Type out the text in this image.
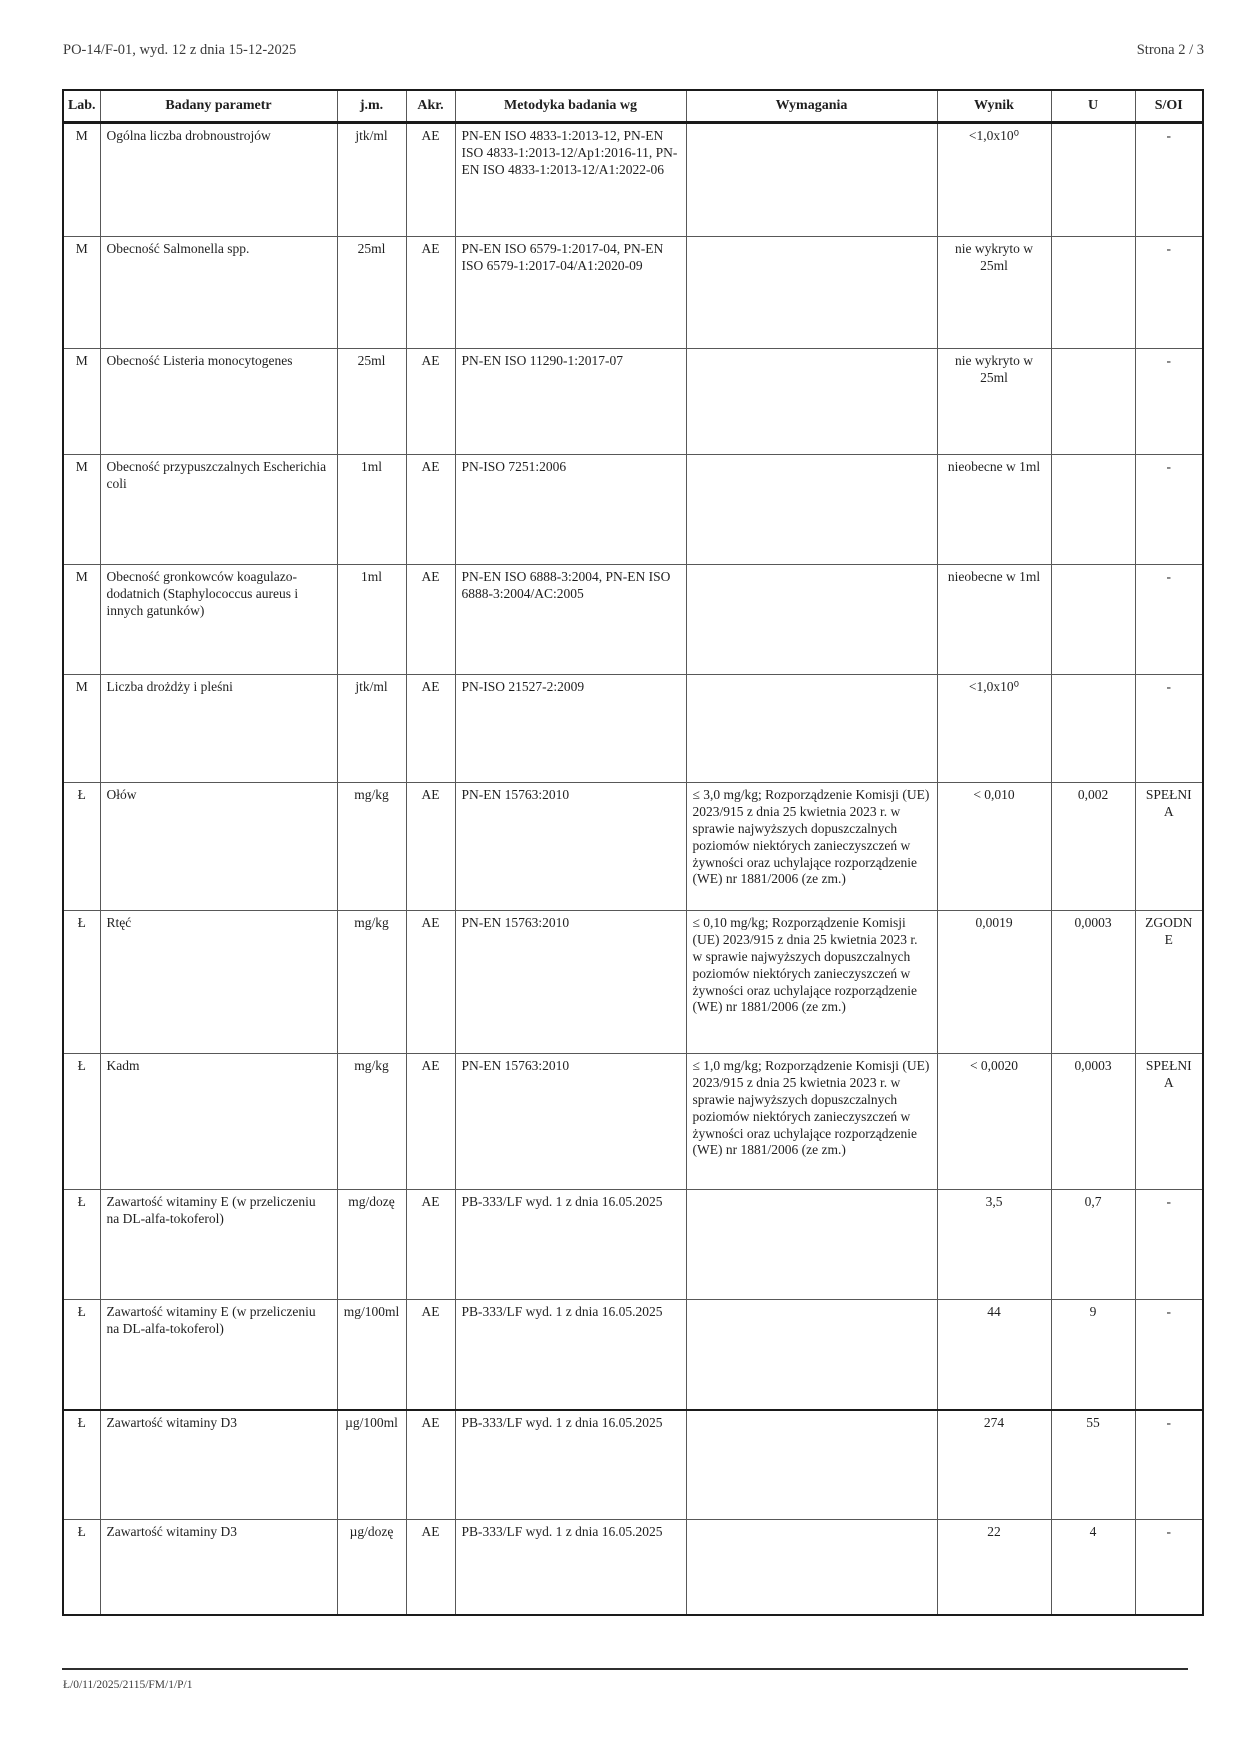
PO-14/F-01, wyd. 12 z dnia 15-12-2025	Strona 2 / 3
Lab.	Badany parametr	j.m.	Akr.	Metodyka badania wg	Wymagania	Wynik	U	S/OI
M	Ogólna liczba drobnoustrojów	jtk/ml	AE	PN-EN ISO 4833-1:2013-12, PN-EN ISO 4833-1:2013-12/Ap1:2016-11, PN-EN ISO 4833-1:2013-12/A1:2022-06		<1,0x10⁰		-
M	Obecność Salmonella spp.	25ml	AE	PN-EN ISO 6579-1:2017-04, PN-EN ISO 6579-1:2017-04/A1:2020-09		nie wykryto w 25ml		-
M	Obecność Listeria monocytogenes	25ml	AE	PN-EN ISO 11290-1:2017-07		nie wykryto w 25ml		-
M	Obecność przypuszczalnych Escherichia coli	1ml	AE	PN-ISO 7251:2006		nieobecne w 1ml		-
M	Obecność gronkowców koagulazo-dodatnich (Staphylococcus aureus i innych gatunków)	1ml	AE	PN-EN ISO 6888-3:2004, PN-EN ISO 6888-3:2004/AC:2005		nieobecne w 1ml		-
M	Liczba drożdży i pleśni	jtk/ml	AE	PN-ISO 21527-2:2009		<1,0x10⁰		-
Ł	Ołów	mg/kg	AE	PN-EN 15763:2010	≤ 3,0 mg/kg; Rozporządzenie Komisji (UE) 2023/915 z dnia 25 kwietnia 2023 r. w sprawie najwyższych dopuszczalnych poziomów niektórych zanieczyszczeń w żywności oraz uchylające rozporządzenie (WE) nr 1881/2006 (ze zm.)	< 0,010	0,002	SPEŁNIA
Ł	Rtęć	mg/kg	AE	PN-EN 15763:2010	≤ 0,10 mg/kg; Rozporządzenie Komisji (UE) 2023/915 z dnia 25 kwietnia 2023 r. w sprawie najwyższych dopuszczalnych poziomów niektórych zanieczyszczeń w żywności oraz uchylające rozporządzenie (WE) nr 1881/2006 (ze zm.)	0,0019	0,0003	ZGODNE
Ł	Kadm	mg/kg	AE	PN-EN 15763:2010	≤ 1,0 mg/kg; Rozporządzenie Komisji (UE) 2023/915 z dnia 25 kwietnia 2023 r. w sprawie najwyższych dopuszczalnych poziomów niektórych zanieczyszczeń w żywności oraz uchylające rozporządzenie (WE) nr 1881/2006 (ze zm.)	< 0,0020	0,0003	SPEŁNIA
Ł	Zawartość witaminy E (w przeliczeniu na DL-alfa-tokoferol)	mg/dozę	AE	PB-333/LF wyd. 1 z dnia 16.05.2025		3,5	0,7	-
Ł	Zawartość witaminy E (w przeliczeniu na DL-alfa-tokoferol)	mg/100ml	AE	PB-333/LF wyd. 1 z dnia 16.05.2025		44	9	-
Ł	Zawartość witaminy D3	µg/100ml	AE	PB-333/LF wyd. 1 z dnia 16.05.2025		274	55	-
Ł	Zawartość witaminy D3	µg/dozę	AE	PB-333/LF wyd. 1 z dnia 16.05.2025		22	4	-
Ł/0/11/2025/2115/FM/1/P/1
